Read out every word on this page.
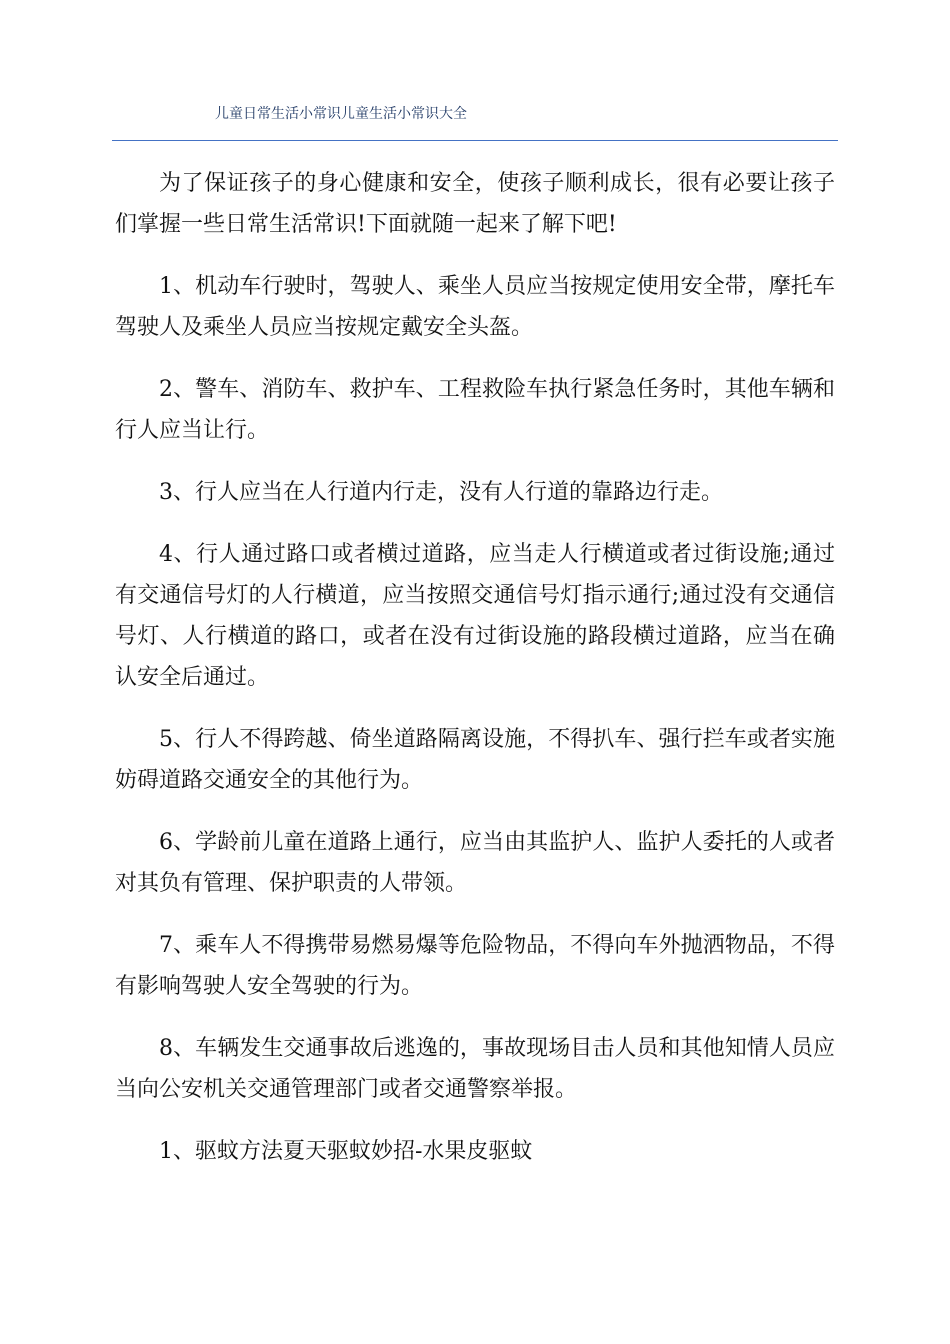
儿童日常生活小常识儿童生活小常识大全

为了保证孩子的身心健康和安全，使孩子顺利成长，很有必要让孩子们掌握一些日常生活常识!下面就随一起来了解下吧!

1、机动车行驶时，驾驶人、乘坐人员应当按规定使用安全带，摩托车驾驶人及乘坐人员应当按规定戴安全头盔。

2、警车、消防车、救护车、工程救险车执行紧急任务时，其他车辆和行人应当让行。

3、行人应当在人行道内行走，没有人行道的靠路边行走。

4、行人通过路口或者横过道路，应当走人行横道或者过街设施;通过有交通信号灯的人行横道，应当按照交通信号灯指示通行;通过没有交通信号灯、人行横道的路口，或者在没有过街设施的路段横过道路，应当在确认安全后通过。

5、行人不得跨越、倚坐道路隔离设施，不得扒车、强行拦车或者实施妨碍道路交通安全的其他行为。

6、学龄前儿童在道路上通行，应当由其监护人、监护人委托的人或者对其负有管理、保护职责的人带领。

7、乘车人不得携带易燃易爆等危险物品，不得向车外抛洒物品，不得有影响驾驶人安全驾驶的行为。

8、车辆发生交通事故后逃逸的，事故现场目击人员和其他知情人员应当向公安机关交通管理部门或者交通警察举报。

1、驱蚊方法夏天驱蚊妙招-水果皮驱蚊
